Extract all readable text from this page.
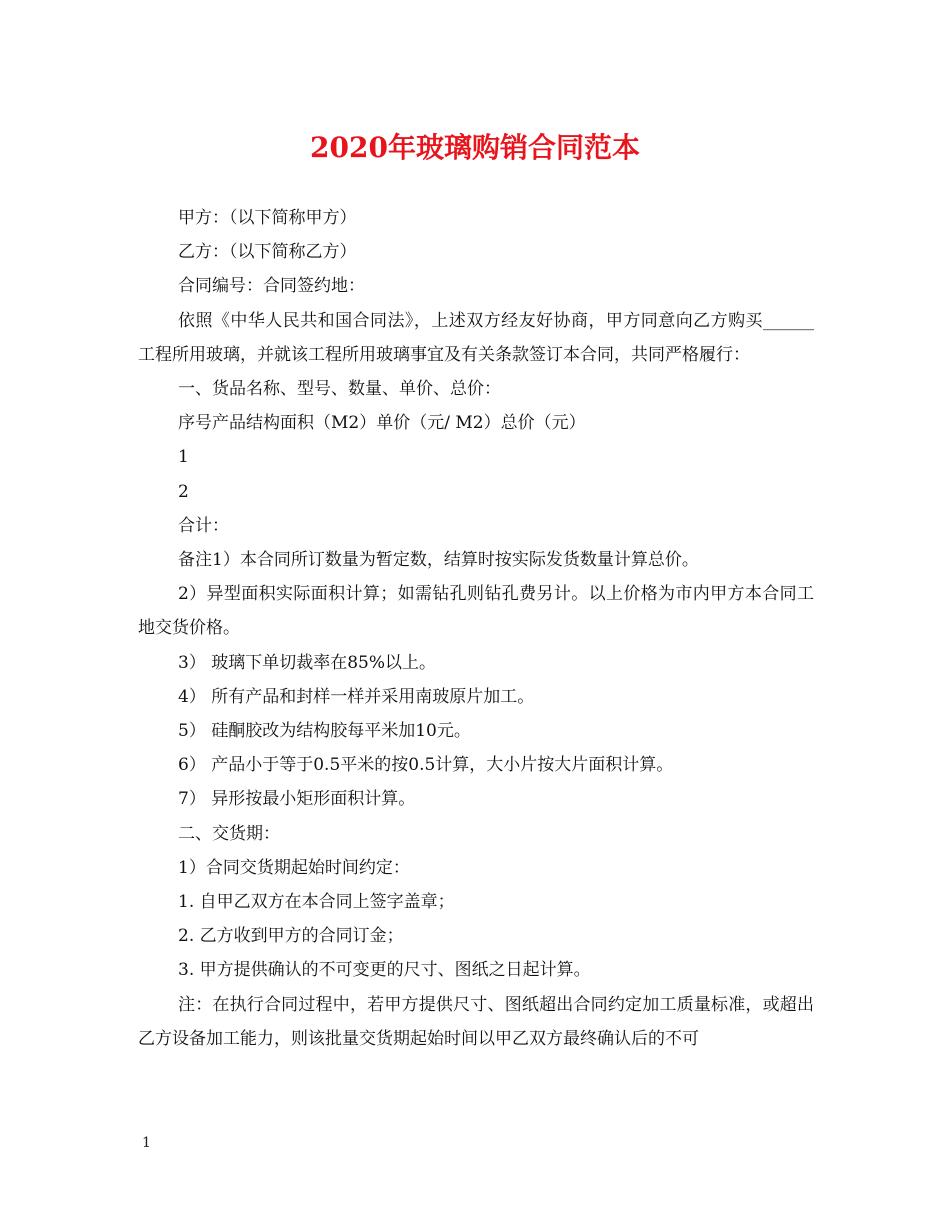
2020年玻璃购销合同范本

甲方：（以下简称甲方）

乙方：（以下简称乙方）

合同编号：合同签约地：

依照《中华人民共和国合同法》，上述双方经友好协商，甲方同意向乙方购买______工程所用玻璃，并就该工程所用玻璃事宜及有关条款签订本合同，共同严格履行：

一、货品名称、型号、数量、单价、总价：

序号产品结构面积（M2）单价（元/ M2）总价（元）

1

2

合计：

备注1）本合同所订数量为暂定数，结算时按实际发货数量计算总价。

2）异型面积实际面积计算；如需钻孔则钻孔费另计。以上价格为市内甲方本合同工地交货价格。

3） 玻璃下单切裁率在85%以上。

4） 所有产品和封样一样并采用南玻原片加工。

5） 硅酮胶改为结构胶每平米加10元。

6） 产品小于等于0.5平米的按0.5计算，大小片按大片面积计算。

7） 异形按最小矩形面积计算。

二、交货期：

1）合同交货期起始时间约定：

1. 自甲乙双方在本合同上签字盖章；

2. 乙方收到甲方的合同订金；

3. 甲方提供确认的不可变更的尺寸、图纸之日起计算。

注：在执行合同过程中，若甲方提供尺寸、图纸超出合同约定加工质量标准，或超出乙方设备加工能力，则该批量交货期起始时间以甲乙双方最终确认后的不可

1
